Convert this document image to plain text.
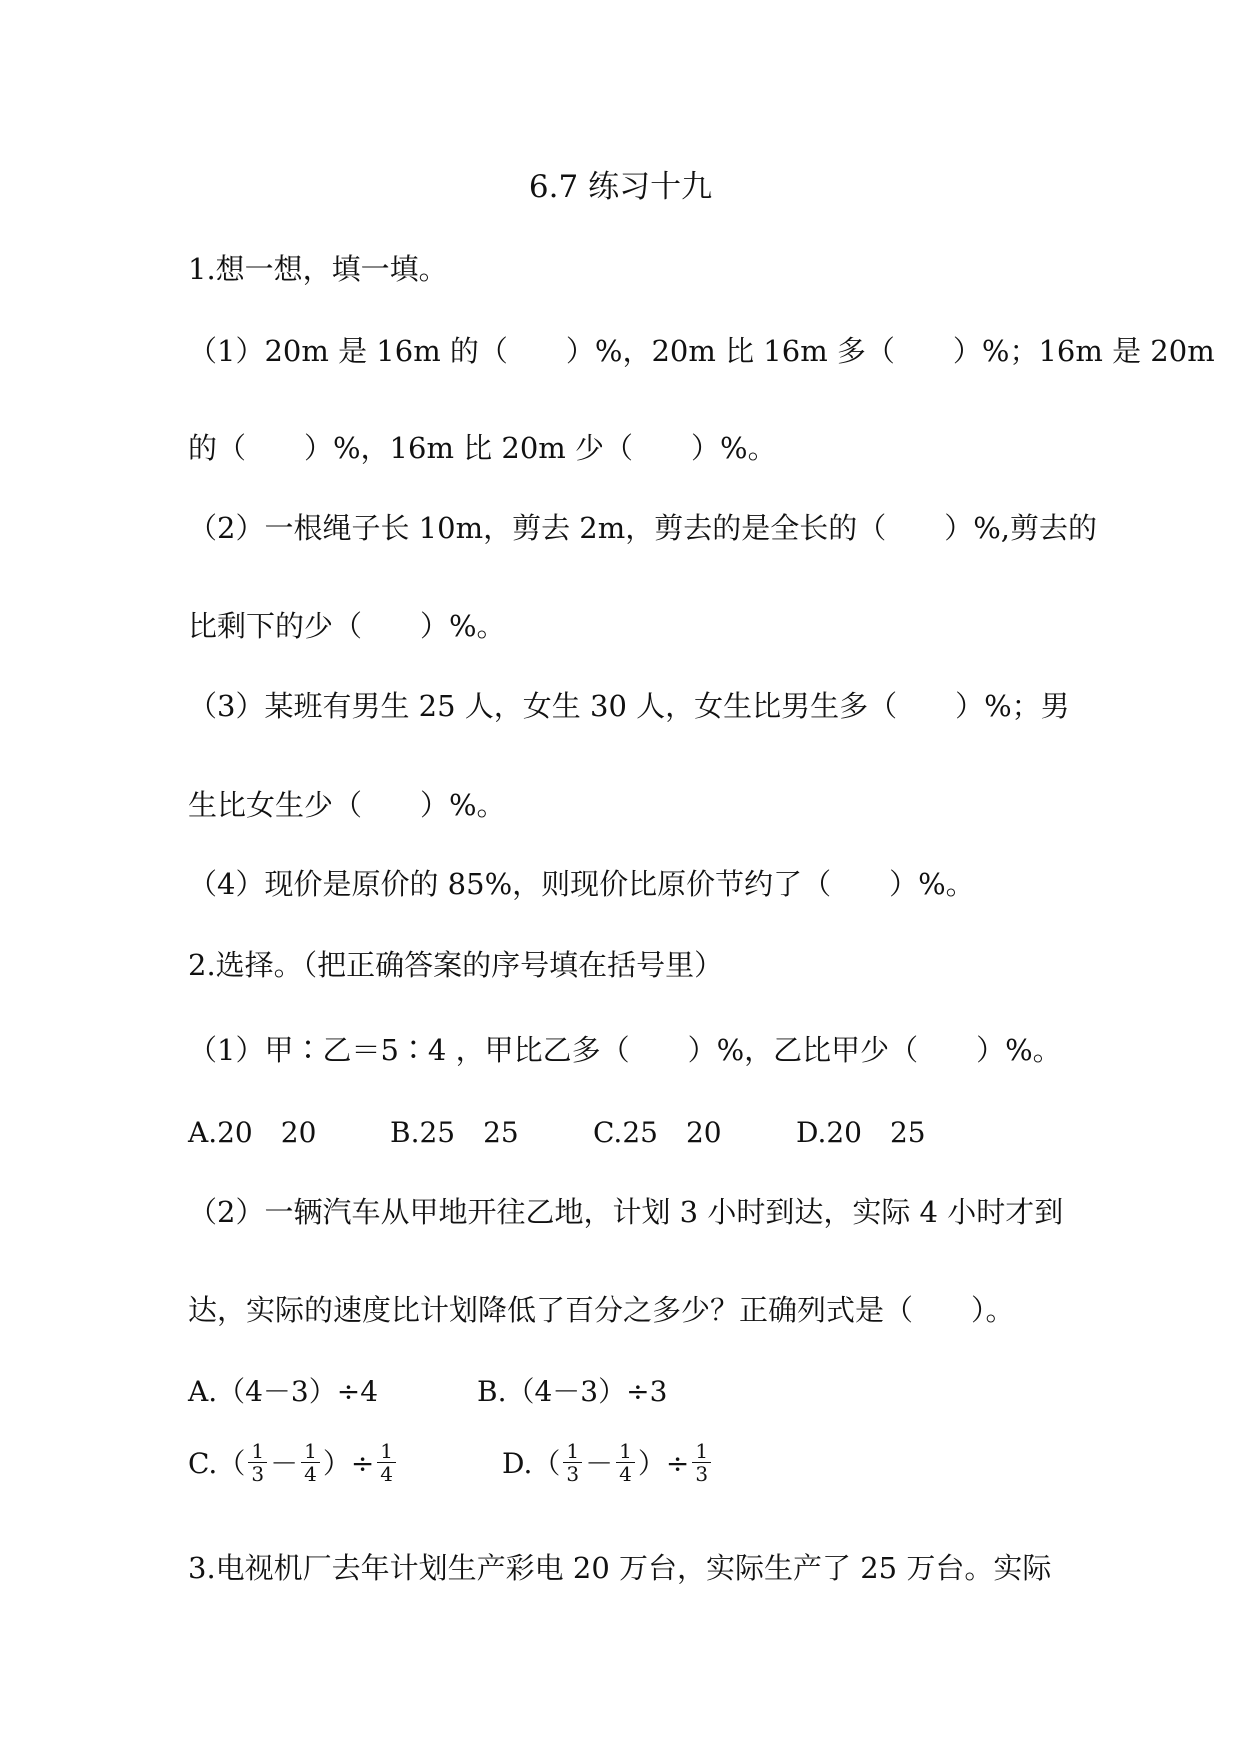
6.7 练习十九
1.想一想，填一填。
（1）20m 是 16m 的（　　）%，20m 比 16m 多（　　）%；16m 是 20m
的（　　）%，16m 比 20m 少（　　）%。
（2）一根绳子长 10m，剪去 2m，剪去的是全长的（　　）%,剪去的
比剩下的少（　　）%。
（3）某班有男生 25 人，女生 30 人，女生比男生多（　　）%；男
生比女生少（　　）%。
（4）现价是原价的 85%，则现价比原价节约了（　　）%。
2.选择。（把正确答案的序号填在括号里）
（1）甲∶乙＝5∶4 ，甲比乙多（　　）%，乙比甲少（　　）%。
A.20　20	B.25　25	C.25　20	D.20　25
（2）一辆汽车从甲地开往乙地，计划 3 小时到达，实际 4 小时才到
达，实际的速度比计划降低了百分之多少？正确列式是（　　）。
A.（4－3）÷4	B.（4－3）÷3
$C.( \frac{1}{3} - \frac{1}{4}$ ）÷ $\frac{1}{4}$	$D.( \frac{1}{3} - \frac{1}{4}$ ）÷ $\frac{1}{3}$
3.电视机厂去年计划生产彩电 20 万台，实际生产了 25 万台。实际
